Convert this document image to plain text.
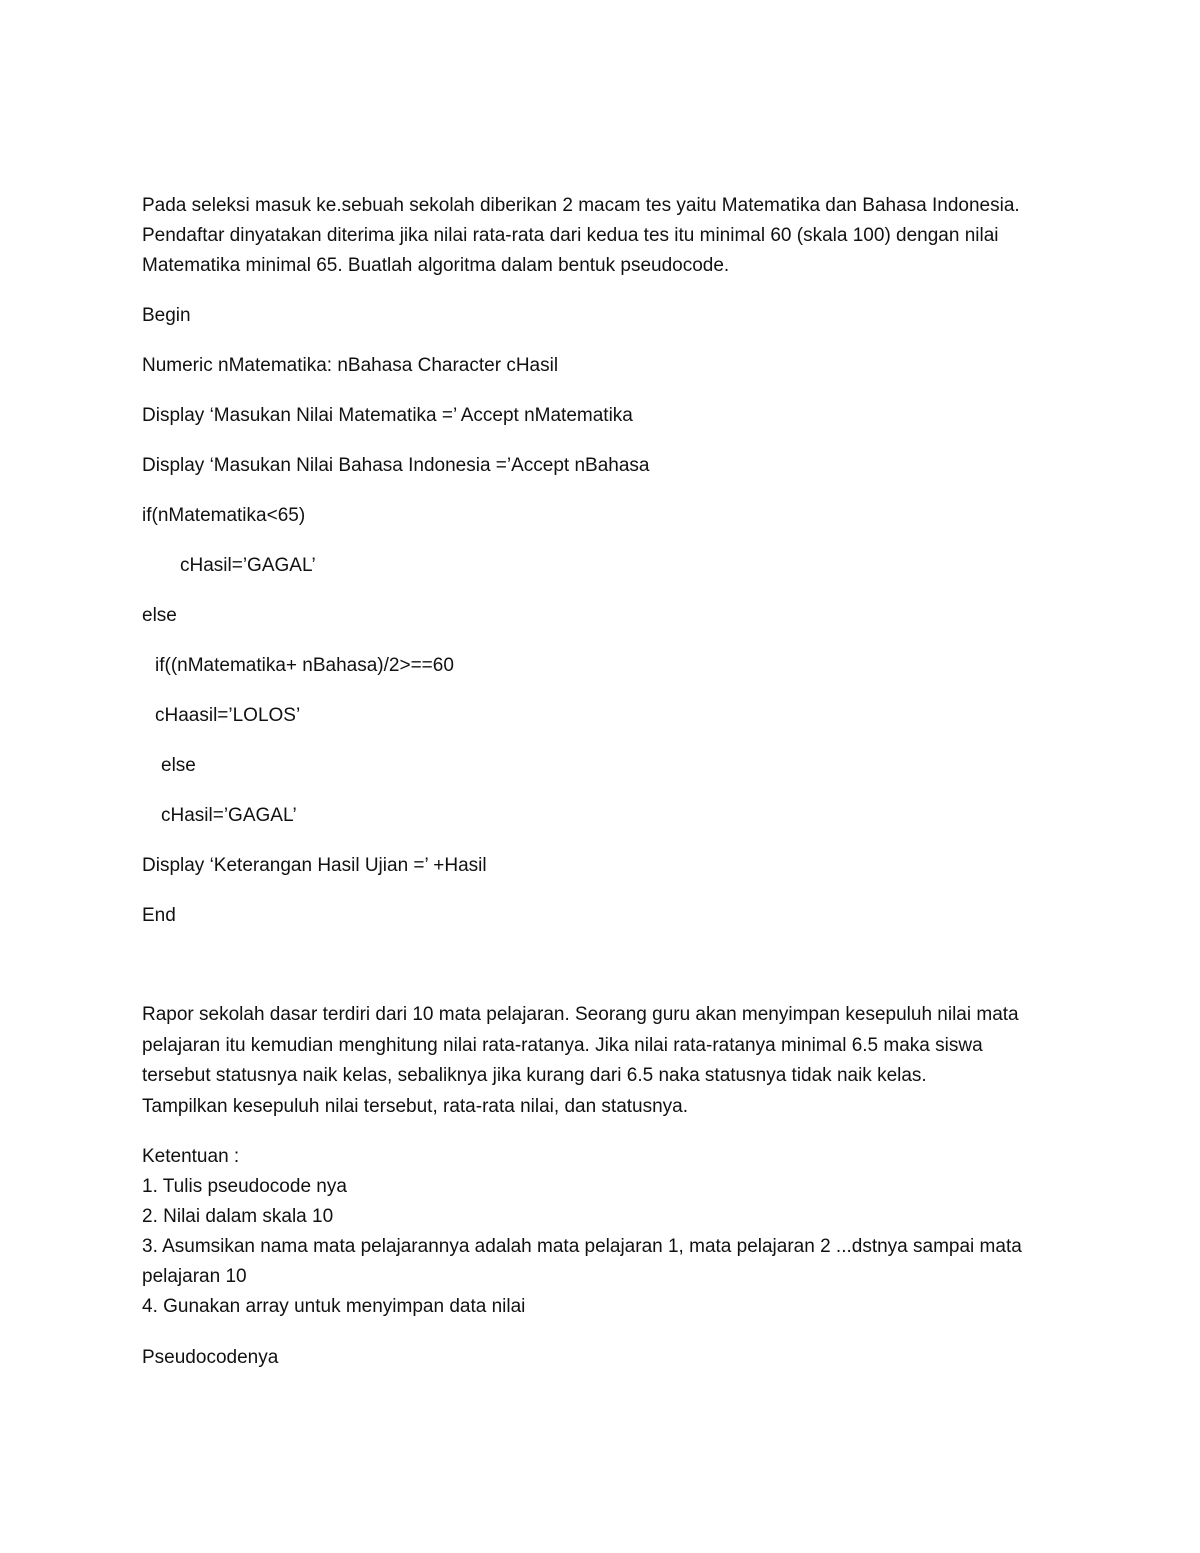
Pada seleksi masuk ke.sebuah sekolah diberikan 2 macam tes yaitu Matematika dan Bahasa Indonesia.

Pendaftar dinyatakan diterima jika nilai rata-rata dari kedua tes itu minimal 60 (skala 100) dengan nilai

Matematika minimal 65. Buatlah algoritma dalam bentuk pseudocode.

Begin

Numeric nMatematika: nBahasa Character cHasil

Display ‘Masukan Nilai Matematika =’ Accept nMatematika

Display ‘Masukan Nilai Bahasa Indonesia =’Accept nBahasa

if(nMatematika<65)

cHasil=’GAGAL’

else

if((nMatematika+ nBahasa)/2>==60

cHaasil=’LOLOS’

else

cHasil=’GAGAL’

Display ‘Keterangan Hasil Ujian =’ +Hasil

End

Rapor sekolah dasar terdiri dari 10 mata pelajaran. Seorang guru akan menyimpan kesepuluh nilai mata

pelajaran itu kemudian menghitung nilai rata-ratanya. Jika nilai rata-ratanya minimal 6.5 maka siswa

tersebut statusnya naik kelas, sebaliknya jika kurang dari 6.5 naka statusnya tidak naik kelas.

Tampilkan kesepuluh nilai tersebut, rata-rata nilai, dan statusnya.

Ketentuan :

1. Tulis pseudocode nya

2. Nilai dalam skala 10

3. Asumsikan nama mata pelajarannya adalah mata pelajaran 1, mata pelajaran 2 ...dstnya sampai mata

pelajaran 10

4. Gunakan array untuk menyimpan data nilai

Pseudocodenya
